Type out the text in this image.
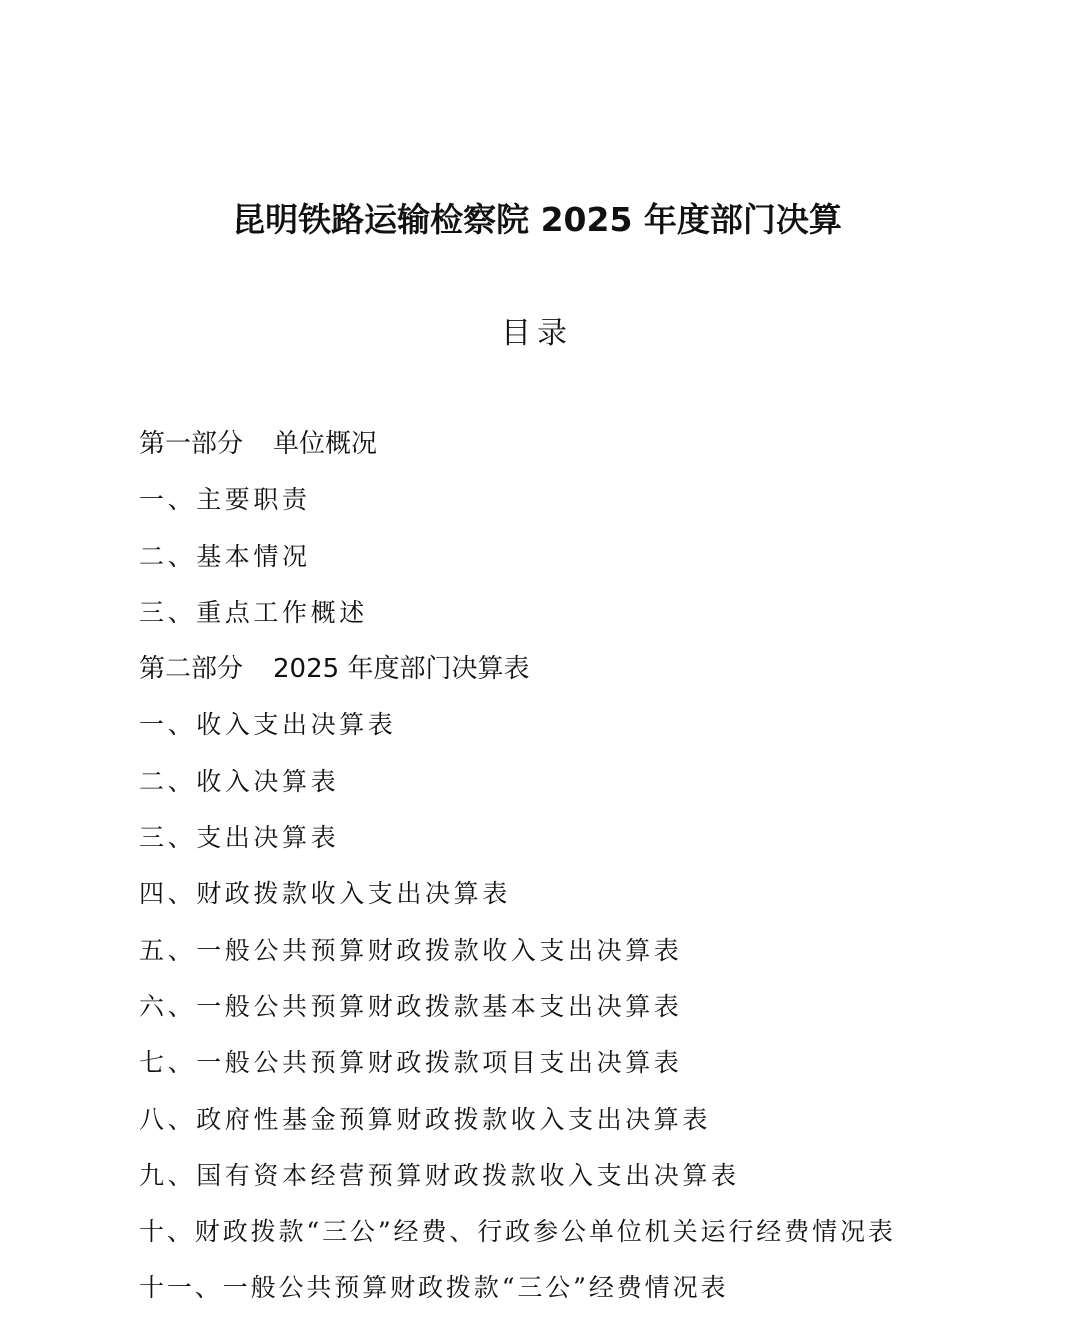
昆明铁路运输检察院 2025 年度部门决算
目录
第一部分 单位概况
一、主要职责
二、基本情况
三、重点工作概述
第二部分 2025 年度部门决算表
一、收入支出决算表
二、收入决算表
三、支出决算表
四、财政拨款收入支出决算表
五、一般公共预算财政拨款收入支出决算表
六、一般公共预算财政拨款基本支出决算表
七、一般公共预算财政拨款项目支出决算表
八、政府性基金预算财政拨款收入支出决算表
九、国有资本经营预算财政拨款收入支出决算表
十、财政拨款“三公”经费、行政参公单位机关运行经费情况表
十一、一般公共预算财政拨款“三公”经费情况表
